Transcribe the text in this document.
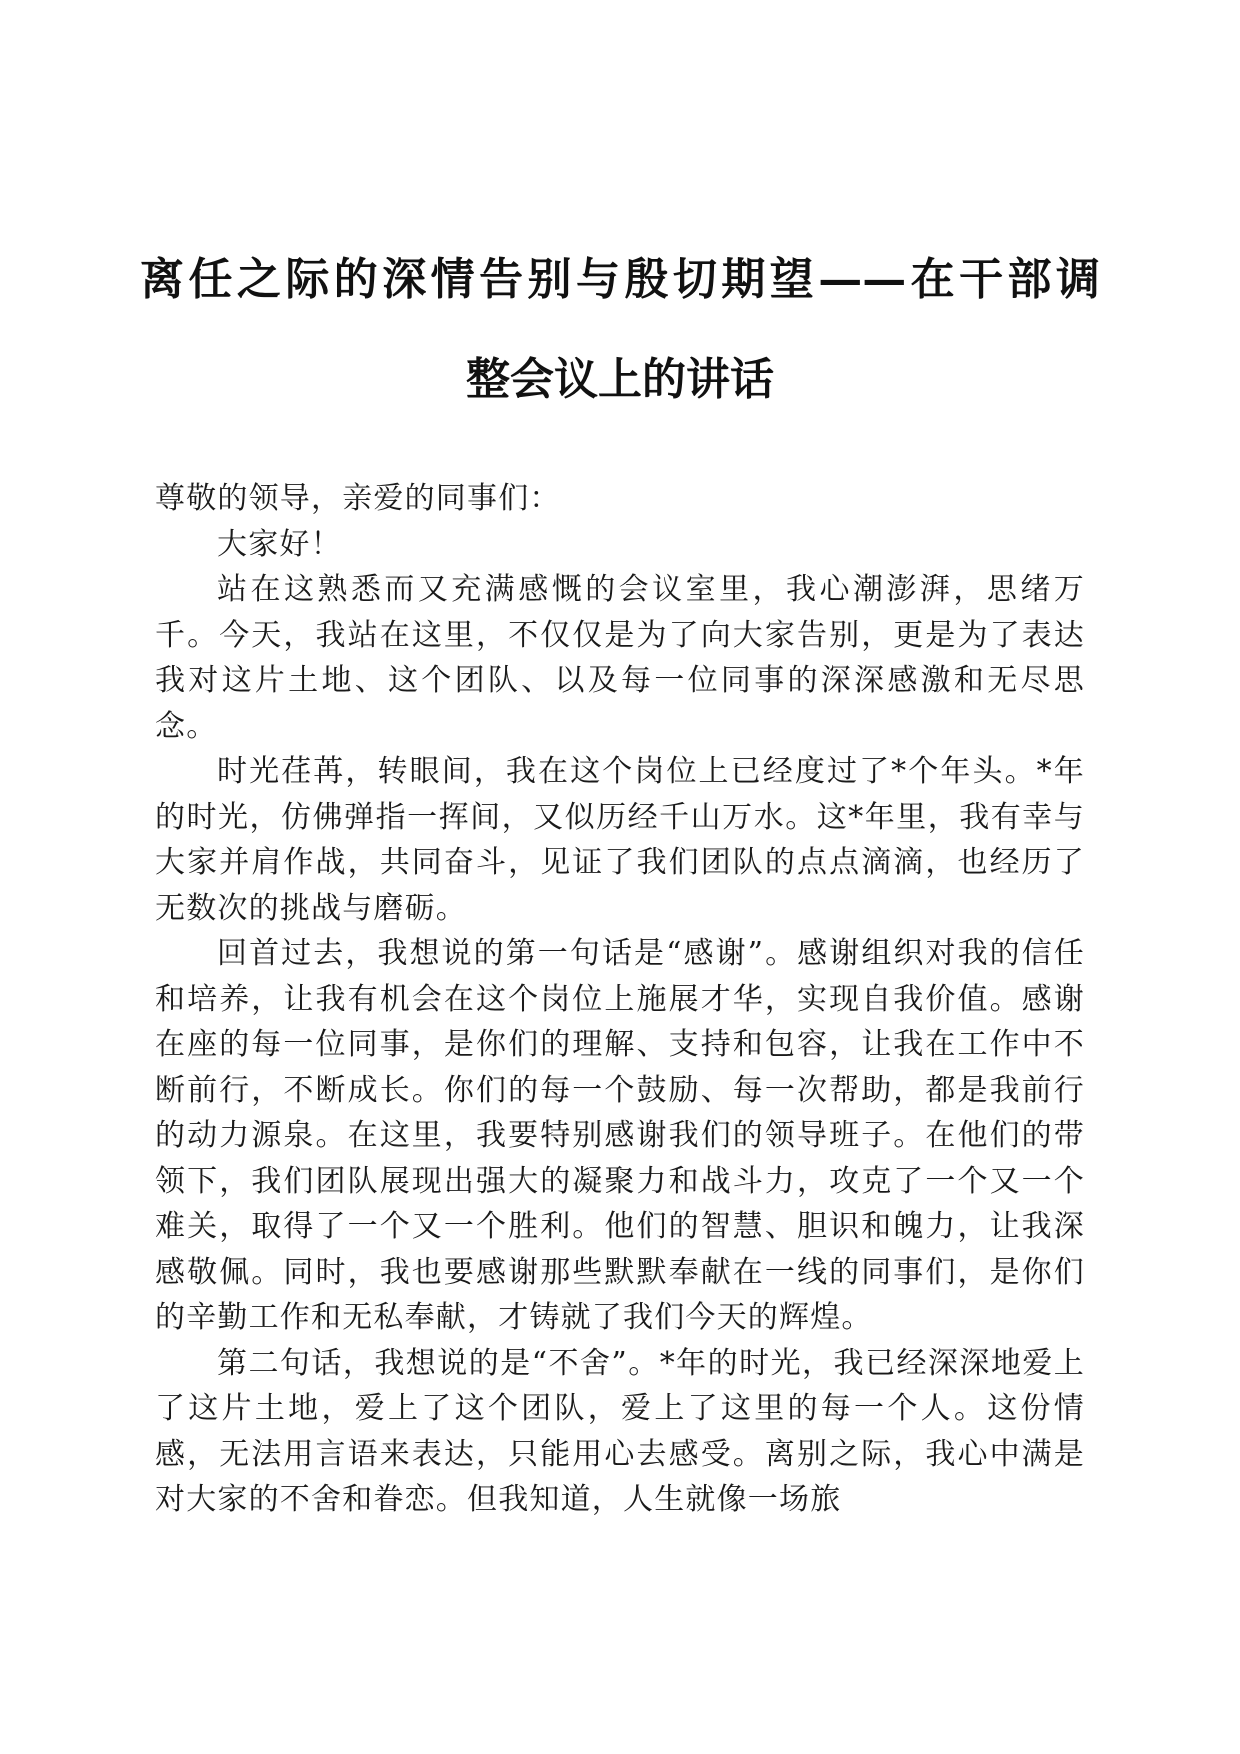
离任之际的深情告别与殷切期望——在干部调
整会议上的讲话

尊敬的领导，亲爱的同事们：

大家好！

站在这熟悉而又充满感慨的会议室里，我心潮澎湃，思绪万千。今天，我站在这里，不仅仅是为了向大家告别，更是为了表达我对这片土地、这个团队、以及每一位同事的深深感激和无尽思念。

时光荏苒，转眼间，我在这个岗位上已经度过了*个年头。*年的时光，仿佛弹指一挥间，又似历经千山万水。这*年里，我有幸与大家并肩作战，共同奋斗，见证了我们团队的点点滴滴，也经历了无数次的挑战与磨砺。

回首过去，我想说的第一句话是“感谢”。感谢组织对我的信任和培养，让我有机会在这个岗位上施展才华，实现自我价值。感谢在座的每一位同事，是你们的理解、支持和包容，让我在工作中不断前行，不断成长。你们的每一个鼓励、每一次帮助，都是我前行的动力源泉。在这里，我要特别感谢我们的领导班子。在他们的带领下，我们团队展现出强大的凝聚力和战斗力，攻克了一个又一个难关，取得了一个又一个胜利。他们的智慧、胆识和魄力，让我深感敬佩。同时，我也要感谢那些默默奉献在一线的同事们，是你们的辛勤工作和无私奉献，才铸就了我们今天的辉煌。

第二句话，我想说的是“不舍”。*年的时光，我已经深深地爱上了这片土地，爱上了这个团队，爱上了这里的每一个人。这份情感，无法用言语来表达，只能用心去感受。离别之际，我心中满是对大家的不舍和眷恋。但我知道，人生就像一场旅
